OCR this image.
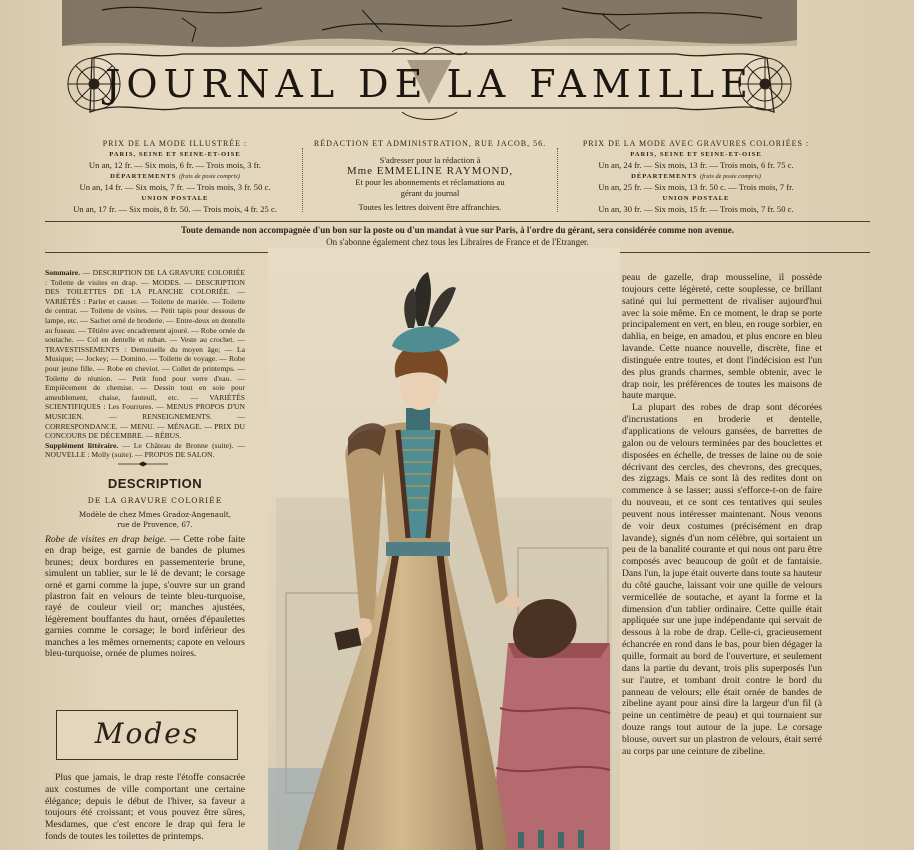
JOURNAL DE LA FAMILLE
PRIX DE LA MODE ILLUSTRÉE :
PARIS, SEINE ET SEINE-ET-OISE
Un an, 12 fr. — Six mois, 6 fr. — Trois mois, 3 fr.
DÉPARTEMENTS (frais de poste compris)
Un an, 14 fr. — Six mois, 7 fr. — Trois mois, 3 fr. 50 c.
UNION POSTALE
Un an, 17 fr. — Six mois, 8 fr. 50. — Trois mois, 4 fr. 25 c.
RÉDACTION ET ADMINISTRATION, RUE JACOB, 56.
S'adresser pour la rédaction à
Mme EMMELINE RAYMOND,
Et pour les abonnements et réclamations au
gérant du journal
Toutes les lettres doivent être affranchies.
PRIX DE LA MODE AVEC GRAVURES COLORIÉES :
PARIS, SEINE ET SEINE-ET-OISE
Un an, 24 fr. — Six mois, 13 fr. — Trois mois, 6 fr. 75 c.
DÉPARTEMENTS (frais de poste compris)
Un an, 25 fr. — Six mois, 13 fr. 50 c. — Trois mois, 7 fr.
UNION POSTALE
Un an, 30 fr. — Six mois, 15 fr. — Trois mois, 7 fr. 50 c.
Toute demande non accompagnée d'un bon sur la poste ou d'un mandat à vue sur Paris, à l'ordre du gérant, sera considérée comme non avenue.
On s'abonne également chez tous les Libraires de France et de l'Etranger.
Sommaire. — DESCRIPTION DE LA GRAVURE COLORIÉE : Toilette de visites en drap. — MODES. — DESCRIPTION DES TOILETTES DE LA PLANCHE COLORIÉE. — VARIÉTÉS : Parler et causer. — Toilette de mariée. — Toilette de centrat. — Toilette de visites. — Petit tapis pour dessous de lampe, etc. — Sachet orné de broderie. — Entre-deux en dentelle au fuseau. — Têtière avec encadrement ajouré. — Robe ornée de soutache. — Col en dentelle et ruban. — Veste au crochet. — TRAVESTISSEMENTS : Demoiselle du moyen âge; — La Musique; — Jockey; — Domino. — Toilette de voyage. — Robe pour jeune fille. — Robe en cheviot. — Collet de printemps. — Toilette de réunion. — Petit fond pour verre d'eau. — Empiècement de chemise. — Dessin tout en soie pour ameublement, chaise, fauteuil, etc. — VARIÉTÉS SCIENTIFIQUES : Les Fourrures. — MENUS PROPOS D'UN MUSICIEN. — RENSEIGNEMENTS. — CORRESPONDANCE. — MENU. — MÉNAGE. — PRIX DU CONCOURS DE DÉCEMBRE. — RÉBUS.
Supplément littéraire. — Le Château de Bronne (suite). — NOUVELLE : Molly (suite). — PROPOS DE SALON.
DESCRIPTION
DE LA GRAVURE COLORIÉE
Modèle de chez Mmes Gradoz-Angenault,
rue de Provence, 67.
Robe de visites en drap beige. — Cette robe faite en drap beige, est garnie de bandes de plumes brunes; deux bordures en passementerie brune, simulent un tablier, sur le lé de devant; le corsage orné et garni comme la jupe, s'ouvre sur un grand plastron fait en velours de teinte bleu-turquoise, rayé de couleur vieil or; manches ajustées, légèrement bouffantes du haut, ornées d'épaulettes garnies comme le corsage; le bord inférieur des manches a les mêmes ornements; capote en velours bleu-turquoise, ornée de plumes noires.
Modes
Plus que jamais, le drap reste l'étoffe consacrée aux costumes de ville comportant une certaine élégance; depuis le début de l'hiver, sa faveur a toujours été croissant; et vous pouvez être sûres, Mesdames, que c'est encore le drap qui fera le fonds de toutes les toilettes de printemps.

peau de gazelle, drap mousseline, il possède toujours cette légèreté, cette souplesse, ce brillant satiné qui lui permettent de rivaliser aujourd'hui avec la soie même. En ce moment, le drap se porte principalement en vert, en bleu, en rouge sorbier, en dahlia, en beige, en amadou, et plus encore en bleu lavande. Cette nuance nouvelle, discrète, fine et distinguée entre toutes, et dont l'indécision est l'un des plus grands charmes, semble obtenir, avec le drap noir, les préférences de toutes les maisons de haute marque.

La plupart des robes de drap sont décorées d'incrustations en broderie et dentelle, d'applications de velours gansées, de barrettes de galon ou de velours terminées par des bouclettes et disposées en échelle, de tresses de laine ou de soie décrivant des cercles, des chevrons, des grecques, des zigzags. Mais ce sont là des redites dont on commence à se lasser; aussi s'efforce-t-on de faire du nouveau, et ce sont ces tentatives qui seules peuvent nous intéresser maintenant. Nous venons de voir deux costumes (précisément en drap lavande), signés d'un nom célèbre, qui sortaient un peu de la banalité courante et qui nous ont paru être composés avec beaucoup de goût et de fantaisie. Dans l'un, la jupe était ouverte dans toute sa hauteur du côté gauche, laissant voir une quille de velours vermicellée de soutache, et ayant la forme et la dimension d'un tablier ordinaire. Cette quille était appliquée sur une jupe indépendante qui servait de dessous à la robe de drap. Celle-ci, gracieusement échancrée en rond dans le bas, pour bien dégager la quille, formait au bord de l'ouverture, et seulement dans la partie du devant, trois plis superposés l'un sur l'autre, et tombant droit contre le bord du panneau de velours; elle était ornée de bandes de zibeline ayant pour ainsi dire la largeur d'un fil (à peine un centimètre de peau) et qui tournaient sur douze rangs tout autour de la jupe. Le corsage blouse, ouvert sur un plastron de velours, était serré au corps par une ceinture de zibeline.
